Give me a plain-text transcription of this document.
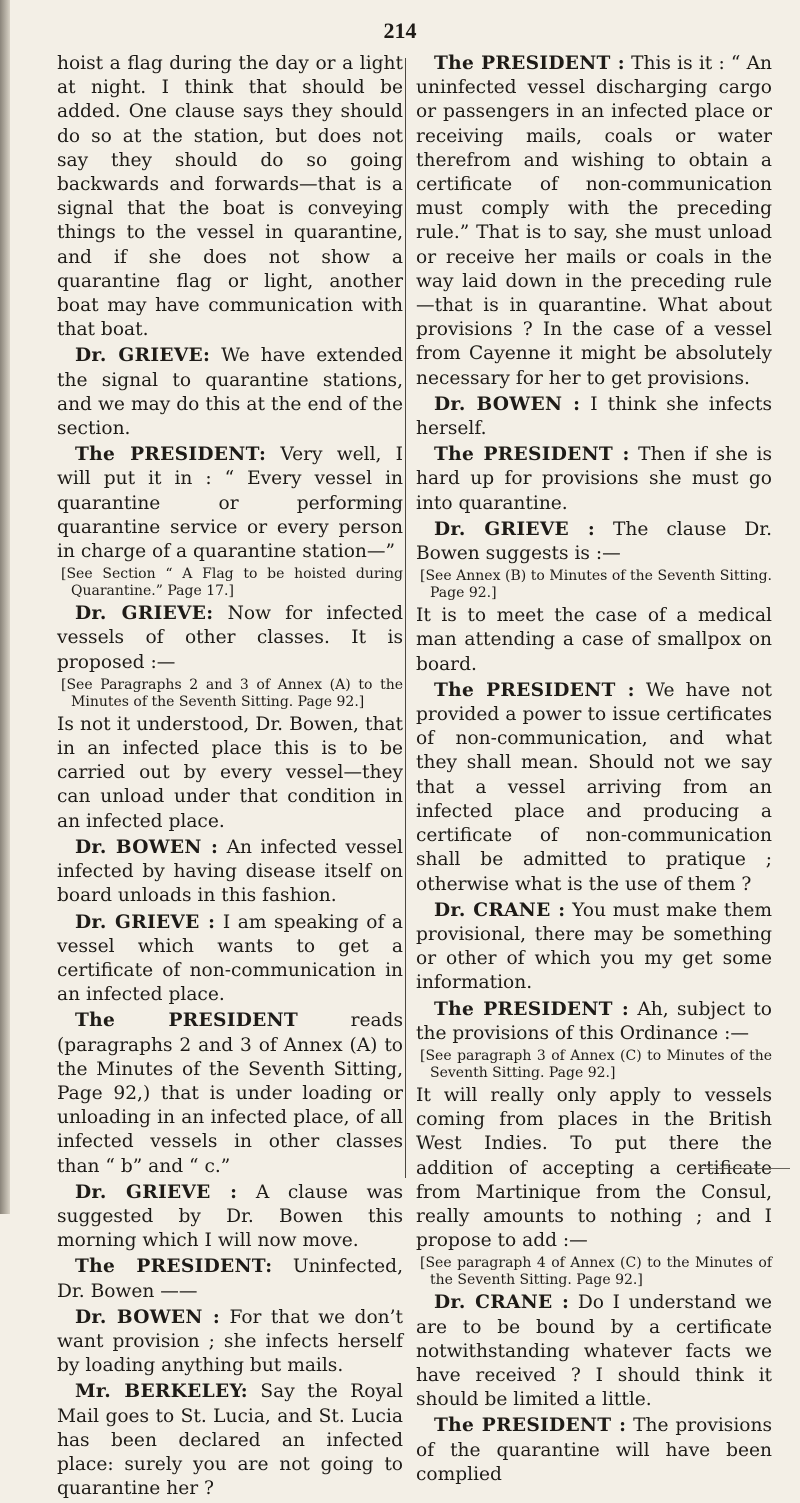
214
hoist a flag during the day or a light at night. I think that should be added. One clause says they should do so at the station, but does not say they should do so going backwards and forwards—that is a signal that the boat is conveying things to the vessel in quarantine, and if she does not show a quarantine flag or light, another boat may have communication with that boat.
Dr. GRIEVE: We have extended the signal to quarantine stations, and we may do this at the end of the section.
The PRESIDENT: Very well, I will put it in : “ Every vessel in quarantine or performing quarantine service or every person in charge of a quarantine station—”
[See Section “ A Flag to be hoisted during Quarantine.” Page 17.]
Dr. GRIEVE: Now for infected vessels of other classes. It is proposed :—
[See Paragraphs 2 and 3 of Annex (A) to the Minutes of the Seventh Sitting. Page 92.]
Is not it understood, Dr. Bowen, that in an infected place this is to be carried out by every vessel—they can unload under that condition in an infected place.
Dr. BOWEN : An infected vessel infected by having disease itself on board unloads in this fashion.
Dr. GRIEVE : I am speaking of a vessel which wants to get a certificate of non-communication in an infected place.
The PRESIDENT reads (paragraphs 2 and 3 of Annex (A) to the Minutes of the Seventh Sitting, Page 92,) that is under loading or unloading in an infected place, of all infected vessels in other classes than “ b” and “ c.”
Dr. GRIEVE : A clause was suggested by Dr. Bowen this morning which I will now move.
The PRESIDENT: Uninfected, Dr. Bowen ——
Dr. BOWEN : For that we don’t want provision ; she infects herself by loading anything but mails.
Mr. BERKELEY: Say the Royal Mail goes to St. Lucia, and St. Lucia has been declared an infected place: surely you are not going to quarantine her ?
The PRESIDENT : This is it : “ An uninfected vessel discharging cargo or passengers in an infected place or receiving mails, coals or water therefrom and wishing to obtain a certificate of non-communication must comply with the preceding rule.” That is to say, she must unload or receive her mails or coals in the way laid down in the preceding rule—that is in quarantine. What about provisions ? In the case of a vessel from Cayenne it might be absolutely necessary for her to get provisions.
Dr. BOWEN : I think she infects herself.
The PRESIDENT : Then if she is hard up for provisions she must go into quarantine.
Dr. GRIEVE : The clause Dr. Bowen suggests is :—
[See Annex (B) to Minutes of the Seventh Sitting. Page 92.]
It is to meet the case of a medical man attending a case of smallpox on board.
The PRESIDENT : We have not provided a power to issue certificates of non-communication, and what they shall mean. Should not we say that a vessel arriving from an infected place and producing a certificate of non-communication shall be admitted to pratique ; otherwise what is the use of them ?
Dr. CRANE : You must make them provisional, there may be something or other of which you my get some information.
The PRESIDENT : Ah, subject to the provisions of this Ordinance :—
[See paragraph 3 of Annex (C) to Minutes of the Seventh Sitting. Page 92.]
It will really only apply to vessels coming from places in the British West Indies. To put there the addition of accepting a certificate from Martinique from the Consul, really amounts to nothing ; and I propose to add :—
[See paragraph 4 of Annex (C) to the Minutes of the Seventh Sitting. Page 92.]
Dr. CRANE : Do I understand we are to be bound by a certificate notwithstanding whatever facts we have received ? I should think it should be limited a little.
The PRESIDENT : The provisions of the quarantine will have been complied
